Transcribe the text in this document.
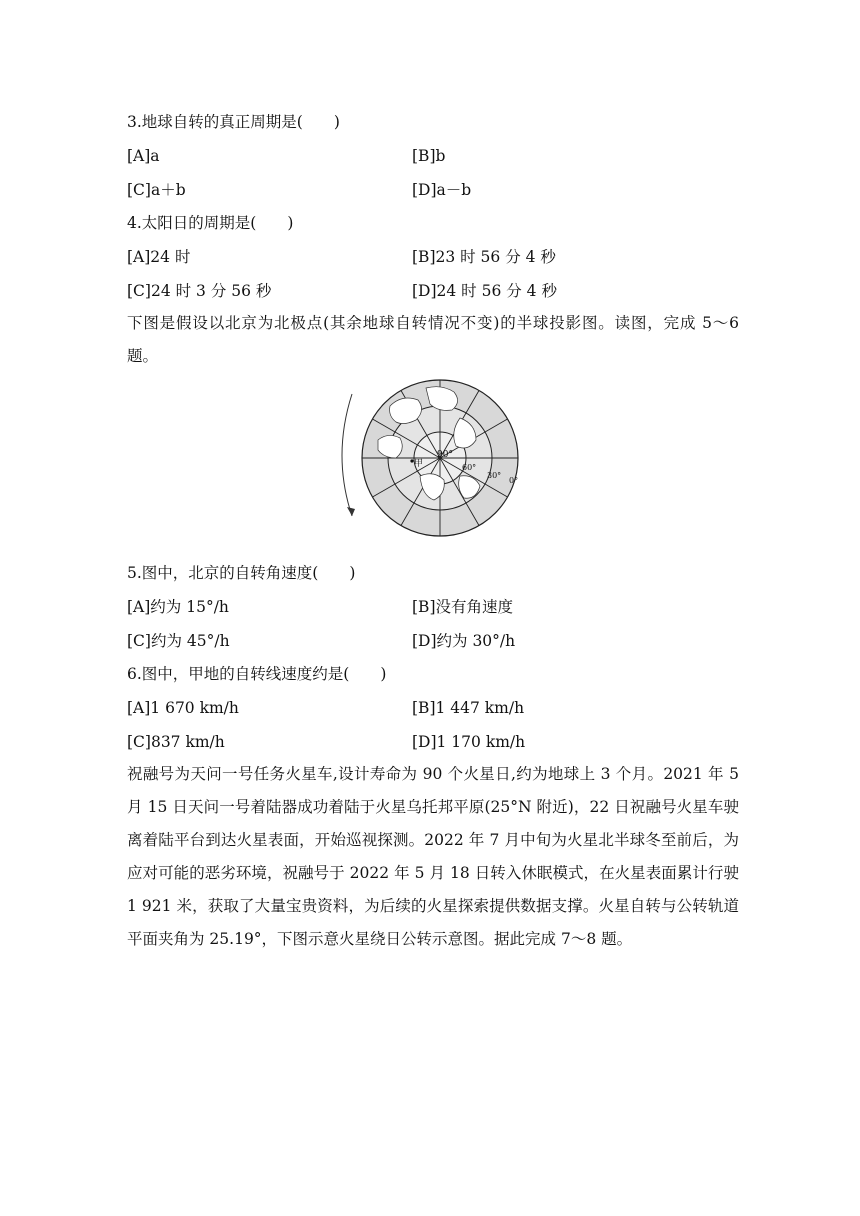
3.地球自转的真正周期是(　　)
[A]a	[B]b
[C]a＋b	[D]a－b
4.太阳日的周期是(　　)
[A]24 时	[B]23 时 56 分 4 秒
[C]24 时 3 分 56 秒	[D]24 时 56 分 4 秒
下图是假设以北京为北极点(其余地球自转情况不变)的半球投影图。读图，完成 5～6 题。
90°
甲	60°
30°
0°
5.图中，北京的自转角速度(　　)
[A]约为 15°/h	[B]没有角速度
[C]约为 45°/h	[D]约为 30°/h
6.图中，甲地的自转线速度约是(　　)
[A]1 670 km/h	[B]1 447 km/h
[C]837 km/h	[D]1 170 km/h
祝融号为天问一号任务火星车,设计寿命为 90 个火星日,约为地球上 3 个月。2021 年 5 月 15 日天问一号着陆器成功着陆于火星乌托邦平原(25°N 附近)，22 日祝融号火星车驶离着陆平台到达火星表面，开始巡视探测。2022 年 7 月中旬为火星北半球冬至前后，为应对可能的恶劣环境，祝融号于 2022 年 5 月 18 日转入休眠模式，在火星表面累计行驶 1 921 米，获取了大量宝贵资料，为后续的火星探索提供数据支撑。火星自转与公转轨道平面夹角为 25.19°，下图示意火星绕日公转示意图。据此完成 7～8 题。
